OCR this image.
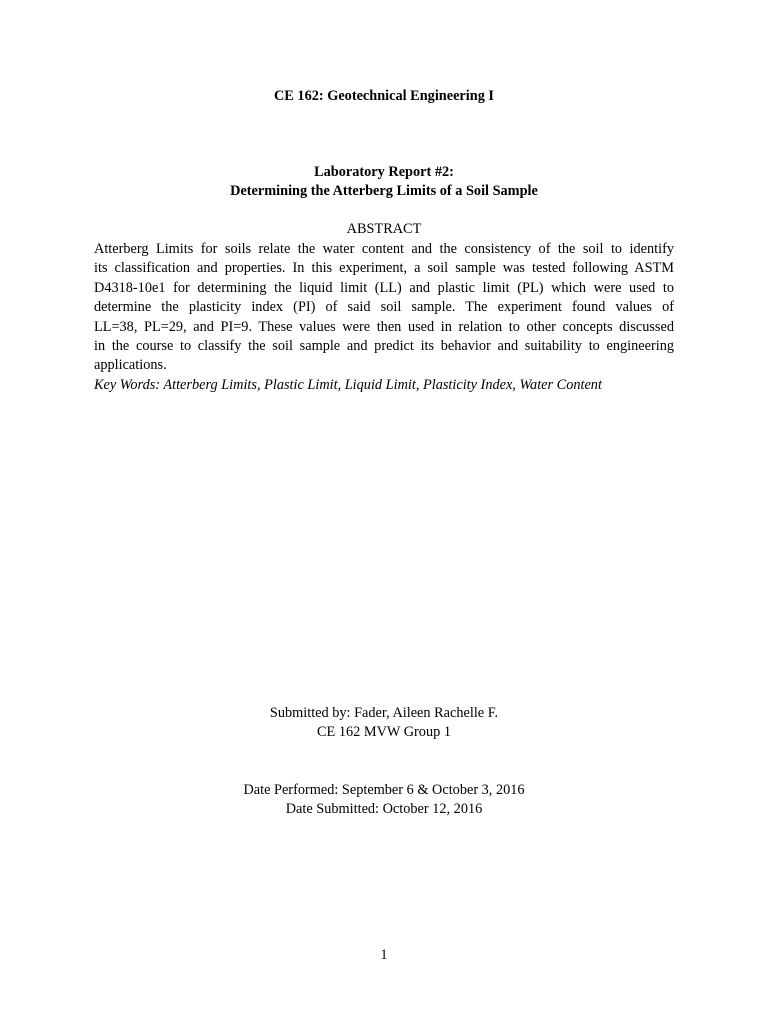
CE 162: Geotechnical Engineering I
Laboratory Report #2:
Determining the Atterberg Limits of a Soil Sample
ABSTRACT
Atterberg Limits for soils relate the water content and the consistency of the soil to identify
its classification and properties. In this experiment, a soil sample was tested following ASTM
D4318-10e1 for determining the liquid limit (LL) and plastic limit (PL) which were used to
determine the plasticity index (PI) of said soil sample. The experiment found values of
LL=38, PL=29, and PI=9. These values were then used in relation to other concepts discussed
in the course to classify the soil sample and predict its behavior and suitability to engineering
applications.
Key Words: Atterberg Limits, Plastic Limit, Liquid Limit, Plasticity Index, Water Content
Submitted by: Fader, Aileen Rachelle F.
CE 162 MVW Group 1
Date Performed: September 6 & October 3, 2016
Date Submitted: October 12, 2016
1
